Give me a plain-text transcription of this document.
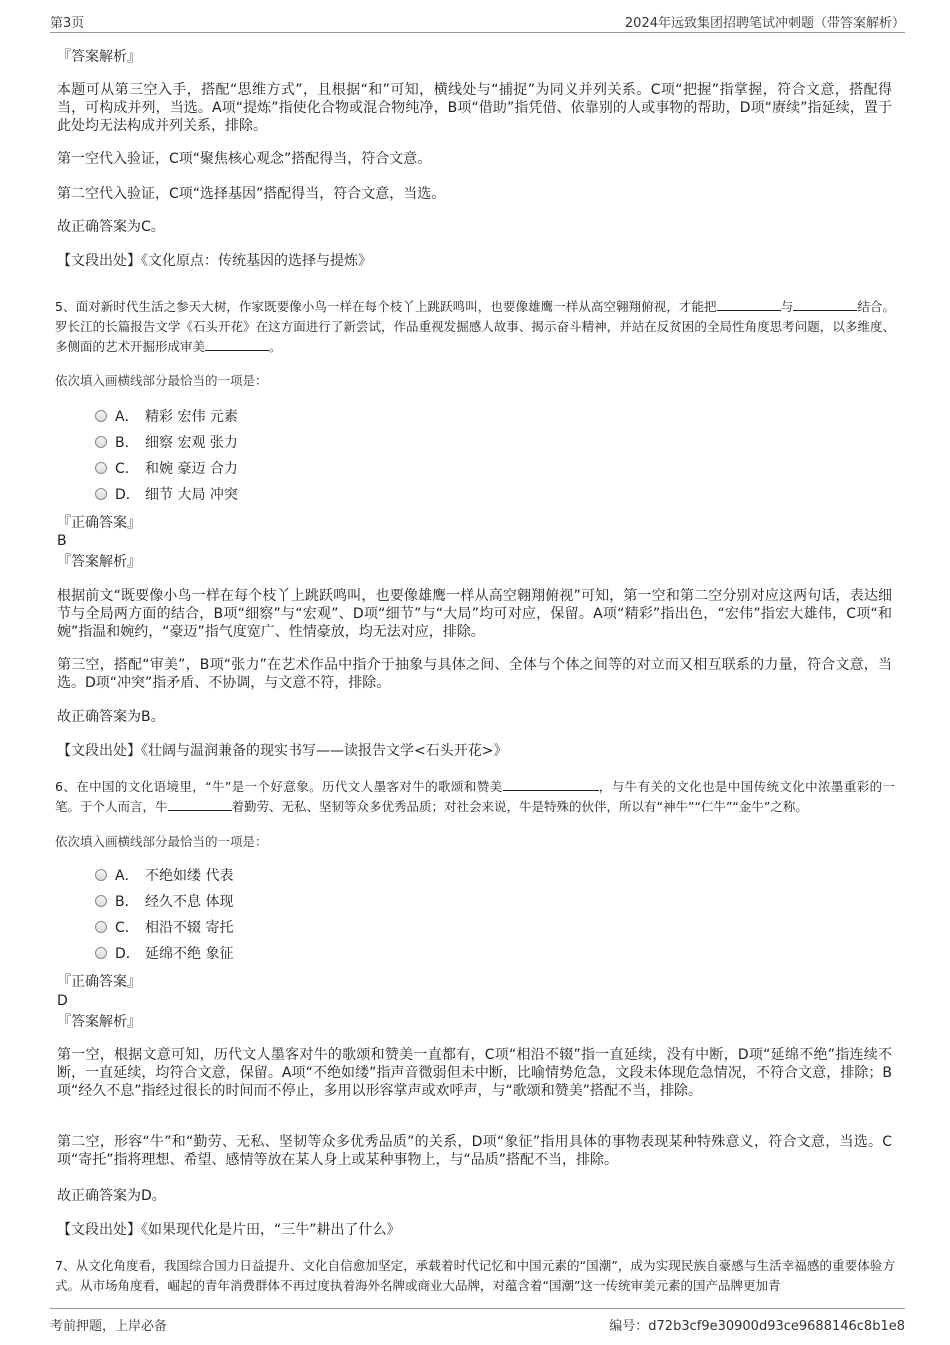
第3页	2024年远致集团招聘笔试冲刺题（带答案解析）

『答案解析』

本题可从第三空入手，搭配“思维方式”，且根据“和”可知，横线处与“捕捉”为同义并列关系。C项“把握”指掌握，符合文意，搭配得当，可构成并列，当选。A项“提炼”指使化合物或混合物纯净，B项“借助”指凭借、依靠别的人或事物的帮助，D项“赓续”指延续，置于此处均无法构成并列关系，排除。

第一空代入验证，C项“聚焦核心观念”搭配得当，符合文意。

第二空代入验证，C项“选择基因”搭配得当，符合文意，当选。

故正确答案为C。

【文段出处】《文化原点：传统基因的选择与提炼》

5、面对新时代生活之参天大树，作家既要像小鸟一样在每个枝丫上跳跃鸣叫，也要像雄鹰一样从高空翱翔俯视，才能把	与	结合。罗长江的长篇报告文学《石头开花》在这方面进行了新尝试，作品重视发掘感人故事、揭示奋斗精神，并站在反贫困的全局性角度思考问题，以多维度、多侧面的艺术开掘形成审美	。

依次填入画横线部分最恰当的一项是：

A． 精彩 宏伟 元素
B． 细察 宏观 张力
C． 和婉 豪迈 合力
D． 细节 大局 冲突

『正确答案』

B

『答案解析』

根据前文“既要像小鸟一样在每个枝丫上跳跃鸣叫，也要像雄鹰一样从高空翱翔俯视”可知，第一空和第二空分别对应这两句话，表达细节与全局两方面的结合，B项“细察”与“宏观”、D项“细节”与“大局”均可对应，保留。A项“精彩”指出色，“宏伟”指宏大雄伟，C项“和婉”指温和婉约，“豪迈”指气度宽广、性情豪放，均无法对应，排除。

第三空，搭配“审美”，B项“张力”在艺术作品中指介于抽象与具体之间、全体与个体之间等的对立而又相互联系的力量，符合文意，当选。D项“冲突”指矛盾、不协调，与文意不符，排除。

故正确答案为B。

【文段出处】《壮阔与温润兼备的现实书写——读报告文学<石头开花>》

6、在中国的文化语境里，“牛”是一个好意象。历代文人墨客对牛的歌颂和赞美	，与牛有关的文化也是中国传统文化中浓墨重彩的一笔。于个人而言，牛	着勤劳、无私、坚韧等众多优秀品质；对社会来说，牛是特殊的伙伴，所以有“神牛”“仁牛”“金牛”之称。

依次填入画横线部分最恰当的一项是：

A． 不绝如缕 代表
B． 经久不息 体现
C． 相沿不辍 寄托
D． 延绵不绝 象征

『正确答案』

D

『答案解析』

第一空，根据文意可知，历代文人墨客对牛的歌颂和赞美一直都有，C项“相沿不辍”指一直延续，没有中断，D项“延绵不绝”指连续不断，一直延续，均符合文意，保留。A项“不绝如缕”指声音微弱但未中断，比喻情势危急，文段未体现危急情况，不符合文意，排除；B项“经久不息”指经过很长的时间而不停止，多用以形容掌声或欢呼声，与“歌颂和赞美”搭配不当，排除。

第二空，形容“牛”和“勤劳、无私、坚韧等众多优秀品质”的关系，D项“象征”指用具体的事物表现某种特殊意义，符合文意，当选。C项“寄托”指将理想、希望、感情等放在某人身上或某种事物上，与“品质”搭配不当，排除。

故正确答案为D。

【文段出处】《如果现代化是片田，“三牛”耕出了什么》

7、从文化角度看，我国综合国力日益提升、文化自信愈加坚定，承载着时代记忆和中国元素的“国潮”，成为实现民族自豪感与生活幸福感的重要体验方式。从市场角度看，崛起的青年消费群体不再过度执着海外名牌或商业大品牌，对蕴含着“国潮”这一传统审美元素的国产品牌更加青

考前押题，上岸必备	编号：d72b3cf9e30900d93ce9688146c8b1e8
